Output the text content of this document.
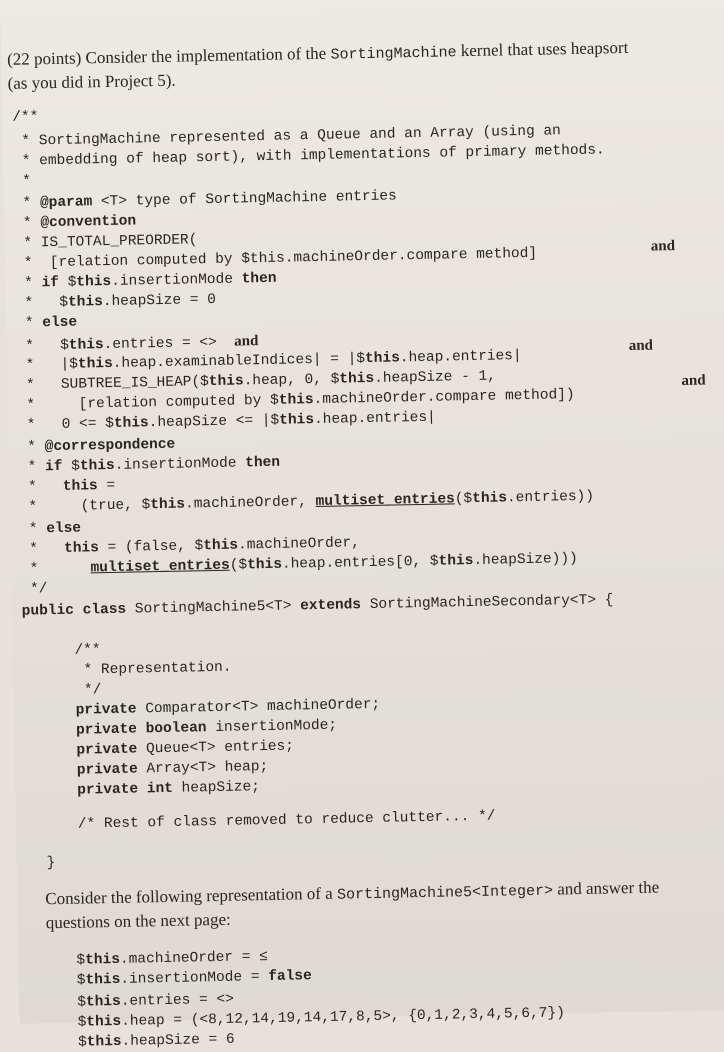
(22 points) Consider the implementation of the SortingMachine kernel that uses heapsort
(as you did in Project 5).
/**
* SortingMachine represented as a Queue and an Array (using an
* embedding of heap sort), with implementations of primary methods.
*
* @param <T> type of SortingMachine entries
* @convention
* IS_TOTAL_PREORDER(
*  [relation computed by $this.machineOrder.compare method]	and
* if $this.insertionMode then
*   $this.heapSize = 0
* else
*   $this.entries = <> and
*   |$this.heap.examinableIndices| = |$this.heap.entries|
and
*   SUBTREE_IS_HEAP($this.heap, 0, $this.heapSize - 1,
*     [relation computed by $this.machineOrder.compare method])
and
*   0 <= $this.heapSize <= |$this.heap.entries|
* @correspondence
* if $this.insertionMode then
*   this =
*     (true, $this.machineOrder, multiset_entries($this.entries))
* else
*   this = (false, $this.machineOrder,
*      multiset_entries($this.heap.entries[0, $this.heapSize)))
*/
public class SortingMachine5<T> extends SortingMachineSecondary<T> {
/**
* Representation.
*/
private Comparator<T> machineOrder;
private boolean insertionMode;
private Queue<T> entries;
private Array<T> heap;
private int heapSize;
/* Rest of class removed to reduce clutter... */
}
Consider the following representation of a SortingMachine5<Integer> and answer the
questions on the next page:
$this.machineOrder = ≤
$this.insertionMode = false
$this.entries = <>
$this.heap = (<8,12,14,19,14,17,8,5>, {0,1,2,3,4,5,6,7})
$this.heapSize = 6
